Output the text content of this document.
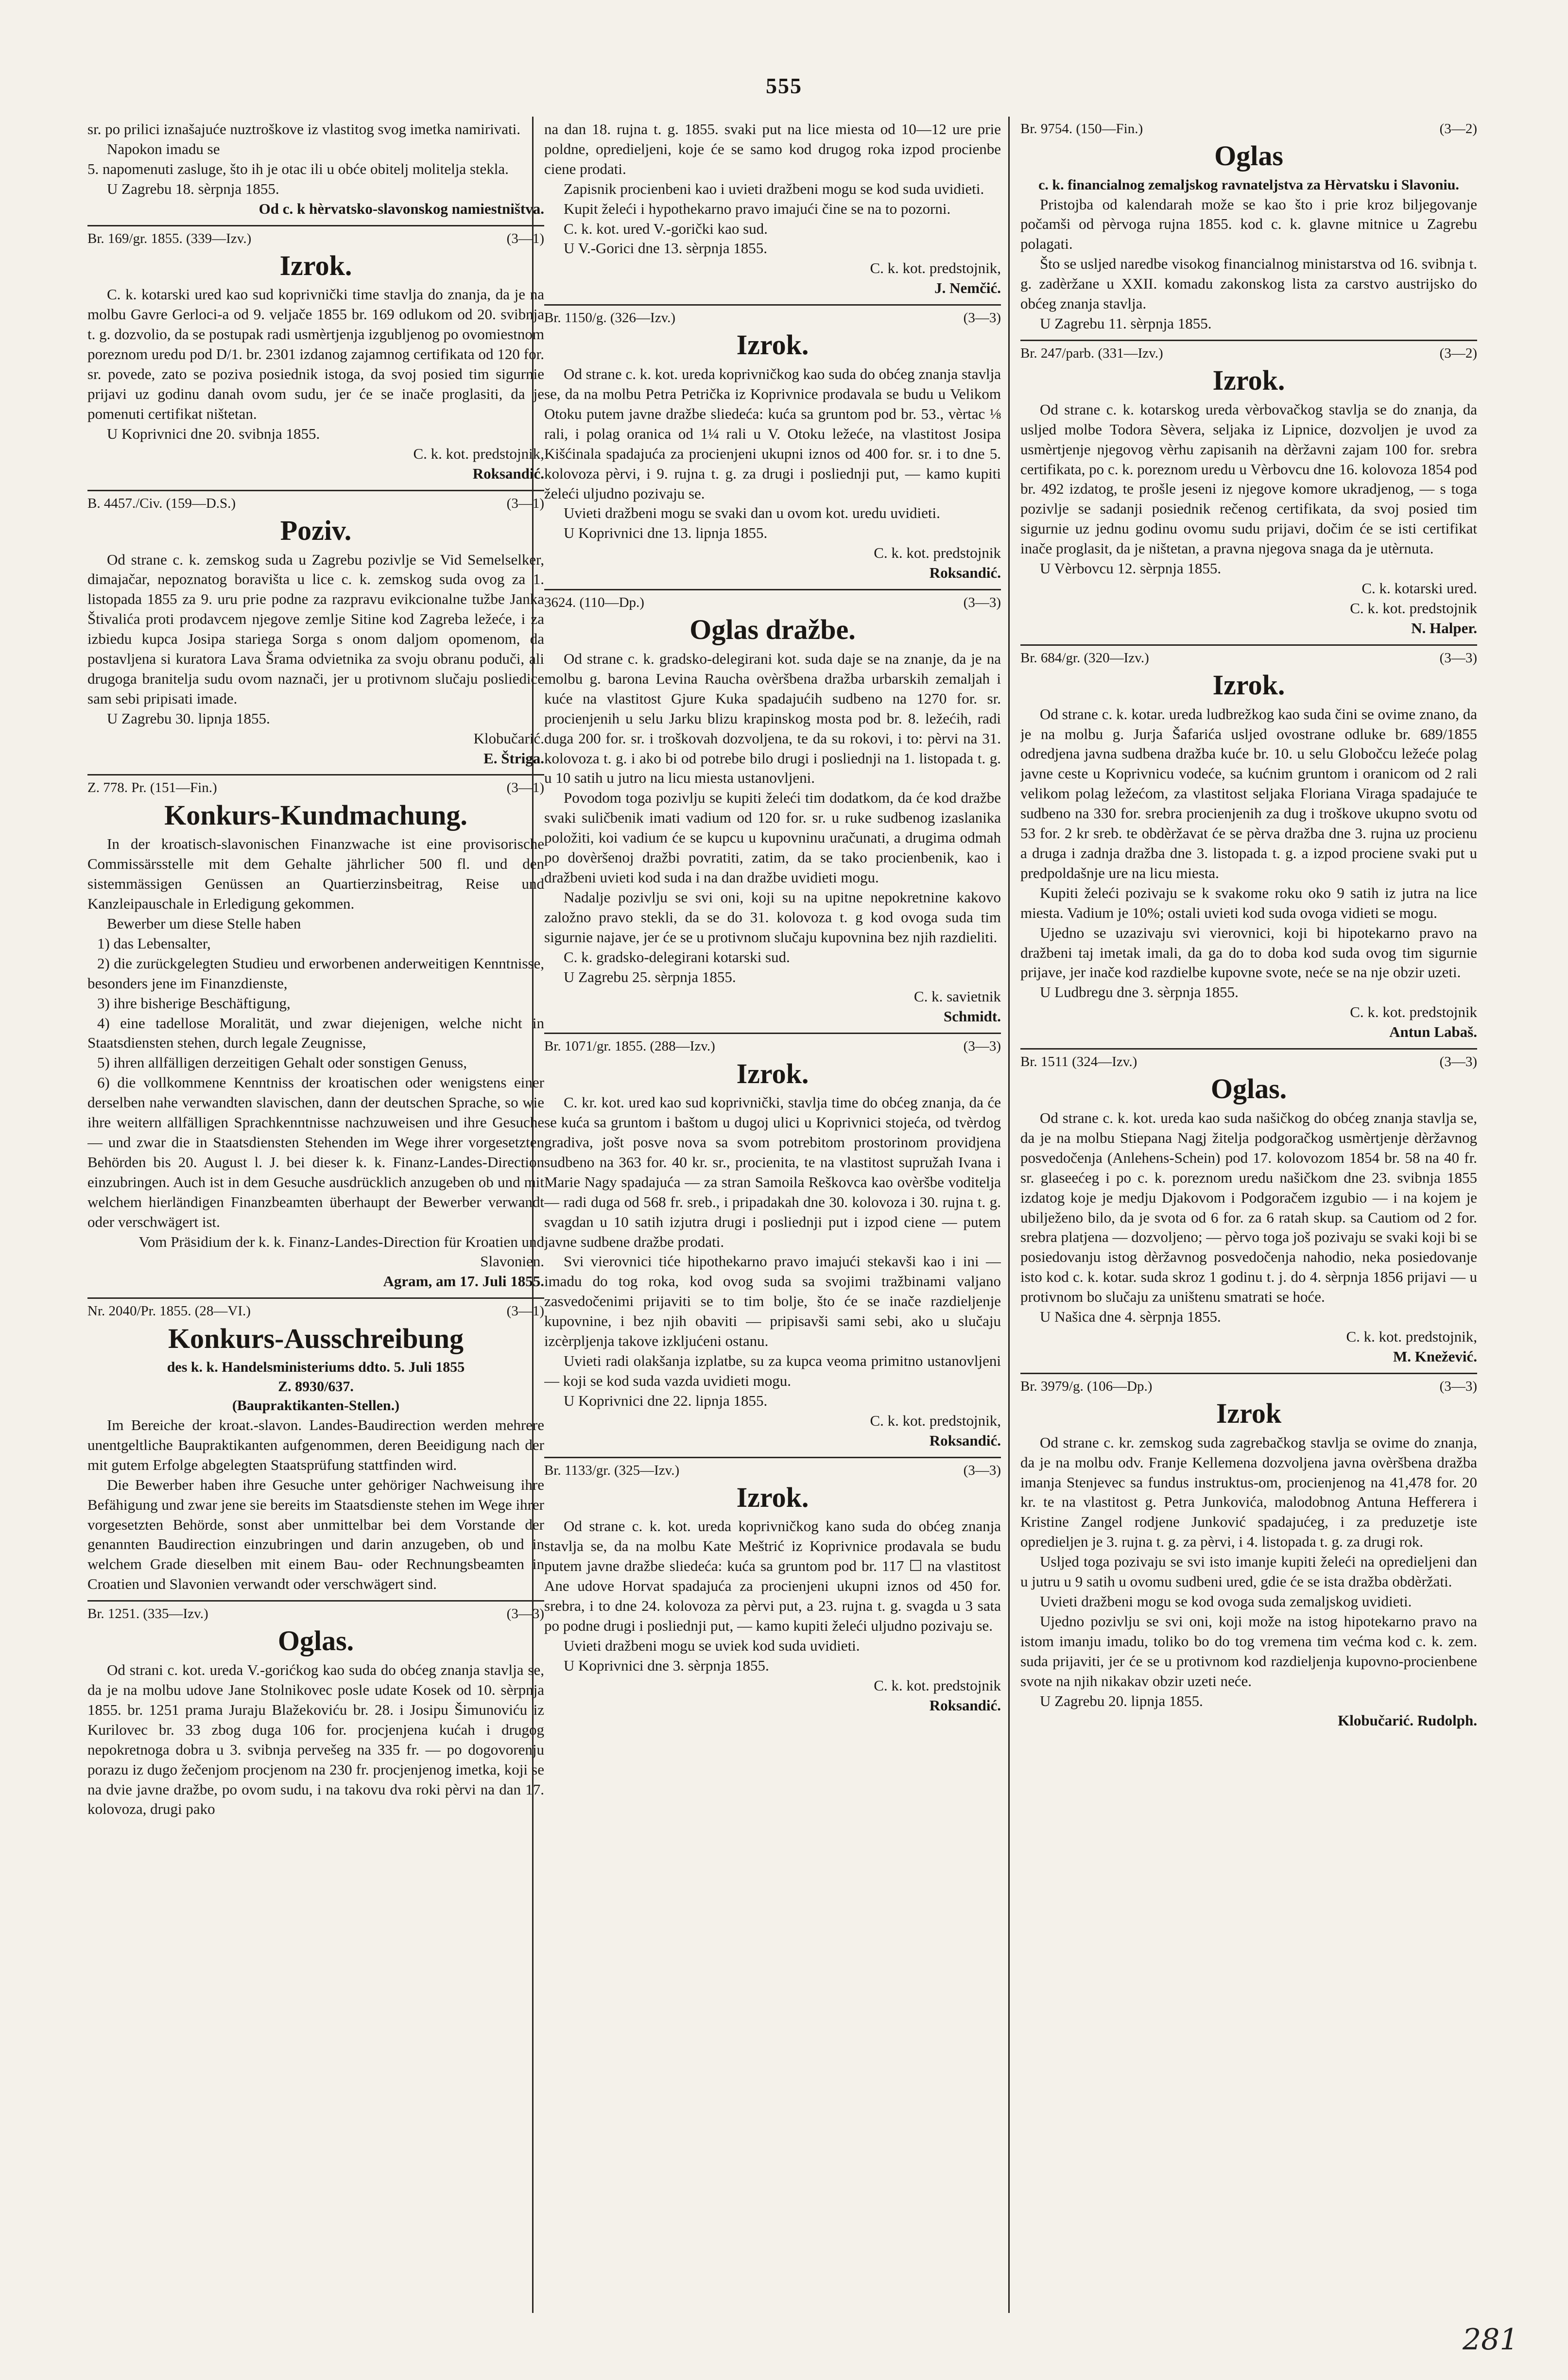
555

sr. po prilici iznašajuće nuztroškove iz vlastitog svog imetka namirivati.

Napokon imadu se

5. napomenuti zasluge, što ih je otac ili u obće obitelj molitelja stekla.

U Zagrebu 18. sèrpnja 1855.

Od c. k hèrvatsko-slavonskog namiestništva.

Br. 169/gr. 1855. (339—Izv.)	(3—1)
Izrok.

C. k. kotarski ured kao sud koprivnički time stavlja do znanja, da je na molbu Gavre Gerloci-a od 9. veljače 1855 br. 169 odlukom od 20. svibnja t. g. dozvolio, da se postupak radi usmèrtjenja izgubljenog po ovomiestnom poreznom uredu pod D/1. br. 2301 izdanog zajamnog certifikata od 120 for. sr. povede, zato se poziva posiednik istoga, da svoj posied tim sigurnie prijavi uz godinu danah ovom sudu, jer će se inače proglasiti, da je pomenuti certifikat ništetan.

U Koprivnici dne 20. svibnja 1855.

C. k. kot. predstojnik,

Roksandić.

B. 4457./Civ. (159—D.S.)	(3—1)
Poziv.

Od strane c. k. zemskog suda u Zagrebu pozivlje se Vid Semelselker, dimajačar, nepoznatog boravišta u lice c. k. zemskog suda ovog za 1. listopada 1855 za 9. uru prie podne za razpravu evikcionalne tužbe Janka Štivalića proti prodavcem njegove zemlje Sitine kod Zagreba ležeće, i za izbiedu kupca Josipa stariega Sorga s onom daljom opomenom, da postavljena si kuratora Lava Šrama odvietnika za svoju obranu poduči, ali drugoga branitelja sudu ovom naznači, jer u protivnom slučaju posliedice sam sebi pripisati imade.

U Zagrebu 30. lipnja 1855.

Klobučarić.

E. Štriga.

Z. 778. Pr. (151—Fin.)	(3—1)
Konkurs-Kundmachung.

In der kroatisch-slavonischen Finanzwache ist eine provisorische Commissärsstelle mit dem Gehalte jährlicher 500 fl. und den sistemmässigen Genüssen an Quartierzinsbeitrag, Reise und Kanzleipauschale in Erledigung gekommen.

Bewerber um diese Stelle haben

1) das Lebensalter,

2) die zurückgelegten Studieu und erworbenen anderweitigen Kenntnisse, besonders jene im Finanzdienste,

3) ihre bisherige Beschäftigung,

4) eine tadellose Moralität, und zwar diejenigen, welche nicht in Staatsdiensten stehen, durch legale Zeugnisse,

5) ihren allfälligen derzeitigen Gehalt oder sonstigen Genuss,

6) die vollkommene Kenntniss der kroatischen oder wenigstens einer derselben nahe verwandten slavischen, dann der deutschen Sprache, so wie ihre weitern allfälligen Sprachkenntnisse nachzuweisen und ihre Gesuche — und zwar die in Staatsdiensten Stehenden im Wege ihrer vorgesetzten Behörden bis 20. August l. J. bei dieser k. k. Finanz-Landes-Direction einzubringen. Auch ist in dem Gesuche ausdrücklich anzugeben ob und mit welchem hierländigen Finanzbeamten überhaupt der Bewerber verwandt oder verschwägert ist.

Vom Präsidium der k. k. Finanz-Landes-Direction für Kroatien und Slavonien.

Agram, am 17. Juli 1855.

Nr. 2040/Pr. 1855. (28—VI.)	(3—1)
Konkurs-Ausschreibung
des k. k. Handelsministeriums ddto. 5. Juli 1855
Z. 8930/637.
(Baupraktikanten-Stellen.)

Im Bereiche der kroat.-slavon. Landes-Baudirection werden mehrere unentgeltliche Baupraktikanten aufgenommen, deren Beeidigung nach der mit gutem Erfolge abgelegten Staatsprüfung stattfinden wird.

Die Bewerber haben ihre Gesuche unter gehöriger Nachweisung ihre Befähigung und zwar jene sie bereits im Staatsdienste stehen im Wege ihrer vorgesetzten Behörde, sonst aber unmittelbar bei dem Vorstande der genannten Baudirection einzubringen und darin anzugeben, ob und in welchem Grade dieselben mit einem Bau- oder Rechnungsbeamten in Croatien und Slavonien verwandt oder verschwägert sind.

Br. 1251. (335—Izv.)	(3—3)
Oglas.

Od strani c. kot. ureda V.-gorićkog kao suda do obćeg znanja stavlja se, da je na molbu udove Jane Stolnikovec posle udate Kosek od 10. sèrpnja 1855. br. 1251 prama Juraju Blažekoviću br. 28. i Josipu Šimunoviću iz Kurilovec br. 33 zbog duga 106 for. procjenjena kućah i drugog nepokretnoga dobra u 3. svibnja pervešeg na 335 fr. — po dogovorenju porazu iz dugo žečenjom procjenom na 230 fr. procjenjenog imetka, koji se na dvie javne dražbe, po ovom sudu, i na takovu dva roki pèrvi na dan 17. kolovoza, drugi pako

na dan 18. rujna t. g. 1855. svaki put na lice miesta od 10—12 ure prie poldne, opredieljeni, koje će se samo kod drugog roka izpod procienbe ciene prodati.

Zapisnik procienbeni kao i uvieti dražbeni mogu se kod suda uvidieti.

Kupit želeći i hypothekarno pravo imajući čine se na to pozorni.

C. k. kot. ured V.-gorički kao sud.

U V.-Gorici dne 13. sèrpnja 1855.

C. k. kot. predstojnik,

J. Nemčić.

Br. 1150/g. (326—Izv.)	(3—3)
Izrok.

Od strane c. k. kot. ureda koprivničkog kao suda do obćeg znanja stavlja se, da na molbu Petra Petrička iz Koprivnice prodavala se budu u Velikom Otoku putem javne dražbe sliedeća: kuća sa gruntom pod br. 53., vèrtac ⅛ rali, i polag oranica od 1¼ rali u V. Otoku ležeće, na vlastitost Josipa Kišćinala spadajuća za procienjeni ukupni iznos od 400 for. sr. i to dne 5. kolovoza pèrvi, i 9. rujna t. g. za drugi i posliednji put, — kamo kupiti želeći uljudno pozivaju se.

Uvieti dražbeni mogu se svaki dan u ovom kot. uredu uvidieti.

U Koprivnici dne 13. lipnja 1855.

C. k. kot. predstojnik

Roksandić.

3624. (110—Dp.)	(3—3)
Oglas dražbe.

Od strane c. k. gradsko-delegirani kot. suda daje se na znanje, da je na molbu g. barona Levina Raucha ovèršbena dražba urbarskih zemaljah i kuće na vlastitost Gjure Kuka spadajućih sudbeno na 1270 for. sr. procienjenih u selu Jarku blizu krapinskog mosta pod br. 8. ležećih, radi duga 200 for. sr. i troškovah dozvoljena, te da su rokovi, i to: pèrvi na 31. kolovoza t. g. i ako bi od potrebe bilo drugi i posliednji na 1. listopada t. g. u 10 satih u jutro na licu miesta ustanovljeni.

Povodom toga pozivlju se kupiti želeći tim dodatkom, da će kod dražbe svaki suličbenik imati vadium od 120 for. sr. u ruke sudbenog izaslanika položiti, koi vadium će se kupcu u kupovninu uračunati, a drugima odmah po dovèršenoj dražbi povratiti, zatim, da se tako procienbenik, kao i dražbeni uvieti kod suda i na dan dražbe uvidieti mogu.

Nadalje pozivlju se svi oni, koji su na upitne nepokretnine kakovo založno pravo stekli, da se do 31. kolovoza t. g kod ovoga suda tim sigurnie najave, jer će se u protivnom slučaju kupovnina bez njih razdieliti.

C. k. gradsko-delegirani kotarski sud.

U Zagrebu 25. sèrpnja 1855.

C. k. savietnik

Schmidt.

Br. 1071/gr. 1855. (288—Izv.)	(3—3)
Izrok.

C. kr. kot. ured kao sud koprivnički, stavlja time do obćeg znanja, da će se kuća sa gruntom i baštom u dugoj ulici u Koprivnici stojeća, od tvèrdog gradiva, jošt posve nova sa svom potrebitom prostorinom providjena sudbeno na 363 for. 40 kr. sr., procienita, te na vlastitost supružah Ivana i Marie Nagy spadajuća — za stran Samoila Reškovca kao ovèršbe voditelja — radi duga od 568 fr. sreb., i pripadakah dne 30. kolovoza i 30. rujna t. g. svagdan u 10 satih izjutra drugi i posliednji put i izpod ciene — putem javne sudbene dražbe prodati.

Svi vierovnici tiće hipothekarno pravo imajući stekavši kao i ini — imadu do tog roka, kod ovog suda sa svojimi tražbinami valjano zasvedočenimi prijaviti se to tim bolje, što će se inače razdieljenje kupovnine, i bez njih obaviti — pripisavši sami sebi, ako u slučaju izcèrpljenja takove izkljućeni ostanu.

Uvieti radi olakšanja izplatbe, su za kupca veoma primitno ustanovljeni — koji se kod suda vazda uvidieti mogu.

U Koprivnici dne 22. lipnja 1855.

C. k. kot. predstojnik,

Roksandić.

Br. 1133/gr. (325—Izv.)	(3—3)
Izrok.

Od strane c. k. kot. ureda koprivničkog kano suda do obćeg znanja stavlja se, da na molbu Kate Meštrić iz Koprivnice prodavala se budu putem javne dražbe sliedeća: kuća sa gruntom pod br. 117 ☐ na vlastitost Ane udove Horvat spadajuća za procienjeni ukupni iznos od 450 for. srebra, i to dne 24. kolovoza za pèrvi put, a 23. rujna t. g. svagda u 3 sata po podne drugi i posliednji put, — kamo kupiti želeći uljudno pozivaju se.

Uvieti dražbeni mogu se uviek kod suda uvidieti.

U Koprivnici dne 3. sèrpnja 1855.

C. k. kot. predstojnik

Roksandić.

Br. 9754. (150—Fin.)	(3—2)
Oglas
c. k. financialnog zemaljskog ravnateljstva za Hèrvatsku i Slavoniu.

Pristojba od kalendarah može se kao što i prie kroz biljegovanje počamši od pèrvoga rujna 1855. kod c. k. glavne mitnice u Zagrebu polagati.

Što se usljed naredbe visokog financialnog ministarstva od 16. svibnja t. g. zadèržane u XXII. komadu zakonskog lista za carstvo austrijsko do obćeg znanja stavlja.

U Zagrebu 11. sèrpnja 1855.

Br. 247/parb. (331—Izv.)	(3—2)
Izrok.

Od strane c. k. kotarskog ureda vèrbovačkog stavlja se do znanja, da usljed molbe Todora Sèvera, seljaka iz Lipnice, dozvoljen je uvod za usmèrtjenje njegovog vèrhu zapisanih na dèržavni zajam 100 for. srebra certifikata, po c. k. poreznom uredu u Vèrbovcu dne 16. kolovoza 1854 pod br. 492 izdatog, te prošle jeseni iz njegove komore ukradjenog, — s toga pozivlje se sadanji posiednik rečenog certifikata, da svoj posied tim sigurnie uz jednu godinu ovomu sudu prijavi, dočim će se isti certifikat inače proglasit, da je ništetan, a pravna njegova snaga da je utèrnuta.

U Vèrbovcu 12. sèrpnja 1855.

C. k. kotarski ured.

C. k. kot. predstojnik

N. Halper.

Br. 684/gr. (320—Izv.)	(3—3)
Izrok.

Od strane c. k. kotar. ureda ludbrežkog kao suda čini se ovime znano, da je na molbu g. Jurja Šafarića usljed ovostrane odluke br. 689/1855 odredjena javna sudbena dražba kuće br. 10. u selu Globočcu ležeće polag javne ceste u Koprivnicu vodeće, sa kućnim gruntom i oranicom od 2 rali velikom polag ležećom, za vlastitost seljaka Floriana Viraga spadajuće te sudbeno na 330 for. srebra procienjenih za dug i troškove ukupno svotu od 53 for. 2 kr sreb. te obdèržavat će se pèrva dražba dne 3. rujna uz procienu a druga i zadnja dražba dne 3. listopada t. g. a izpod prociene svaki put u predpoldašnje ure na licu miesta.

Kupiti želeći pozivaju se k svakome roku oko 9 satih iz jutra na lice miesta. Vadium je 10%; ostali uvieti kod suda ovoga vidieti se mogu.

Ujedno se uzazivaju svi vierovnici, koji bi hipotekarno pravo na dražbeni taj imetak imali, da ga do to doba kod suda ovog tim sigurnie prijave, jer inače kod razdielbe kupovne svote, neće se na nje obzir uzeti.

U Ludbregu dne 3. sèrpnja 1855.

C. k. kot. predstojnik

Antun Labaš.

Br. 1511 (324—Izv.)	(3—3)
Oglas.

Od strane c. k. kot. ureda kao suda našičkog do obćeg znanja stavlja se, da je na molbu Stiepana Nagj žitelja podgoračkog usmèrtjenje dèržavnog posvedočenja (Anlehens-Schein) pod 17. kolovozom 1854 br. 58 na 40 fr. sr. glaseećeg i po c. k. poreznom uredu našičkom dne 23. svibnja 1855 izdatog koje je medju Djakovom i Podgoračem izgubio — i na kojem je ubilježeno bilo, da je svota od 6 for. za 6 ratah skup. sa Cautiom od 2 for. srebra platjena — dozvoljeno; — pèrvo toga još pozivaju se svaki koji bi se posiedovanju istog dèržavnog posvedočenja nahodio, neka posiedovanje isto kod c. k. kotar. suda skroz 1 godinu t. j. do 4. sèrpnja 1856 prijavi — u protivnom bo slučaju za uništenu smatrati se hoće.

U Našica dne 4. sèrpnja 1855.

C. k. kot. predstojnik,

M. Knežević.

Br. 3979/g. (106—Dp.)	(3—3)
Izrok

Od strane c. kr. zemskog suda zagrebačkog stavlja se ovime do znanja, da je na molbu odv. Franje Kellemena dozvoljena javna ovèršbena dražba imanja Stenjevec sa fundus instruktus-om, procienjenog na 41,478 for. 20 kr. te na vlastitost g. Petra Junkovića, malodobnog Antuna Hefferera i Kristine Zangel rodjene Junković spadajućeg, i za preduzetje iste opredieljen je 3. rujna t. g. za pèrvi, i 4. listopada t. g. za drugi rok.

Usljed toga pozivaju se svi isto imanje kupiti želeći na opredieljeni dan u jutru u 9 satih u ovomu sudbeni ured, gdie će se ista dražba obdèržati.

Uvieti dražbeni mogu se kod ovoga suda zemaljskog uvidieti.

Ujedno pozivlju se svi oni, koji može na istog hipotekarno pravo na istom imanju imadu, toliko bo do tog vremena tim većma kod c. k. zem. suda prijaviti, jer će se u protivnom kod razdieljenja kupovno-procienbene svote na njih nikakav obzir uzeti neće.

U Zagrebu 20. lipnja 1855.

Klobučarić. Rudolph.

281
